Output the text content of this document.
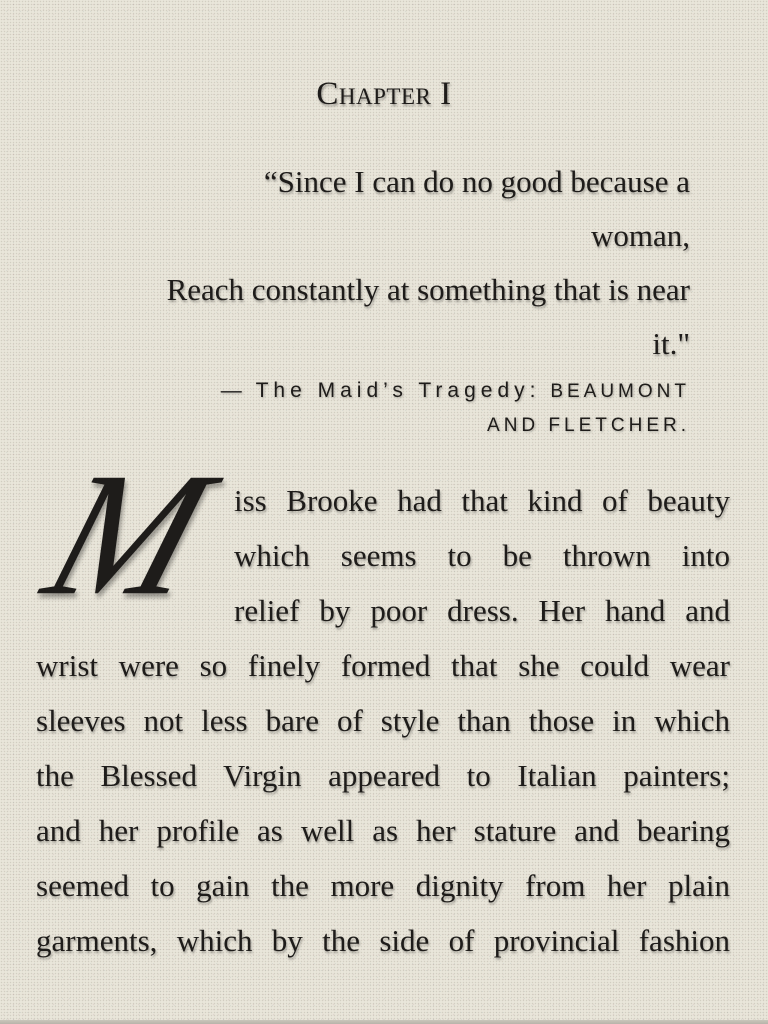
Chapter I
“Since I can do no good because a
woman,
Reach constantly at something that is near
it."
— The Maid’s Tragedy: BEAUMONT
AND FLETCHER.
M iss Brooke had that kind of beauty
which seems to be thrown into
relief by poor dress. Her hand and
wrist were so finely formed that she could wear
sleeves not less bare of style than those in which
the Blessed Virgin appeared to Italian painters;
and her profile as well as her stature and bearing
seemed to gain the more dignity from her plain
garments, which by the side of provincial fashion
